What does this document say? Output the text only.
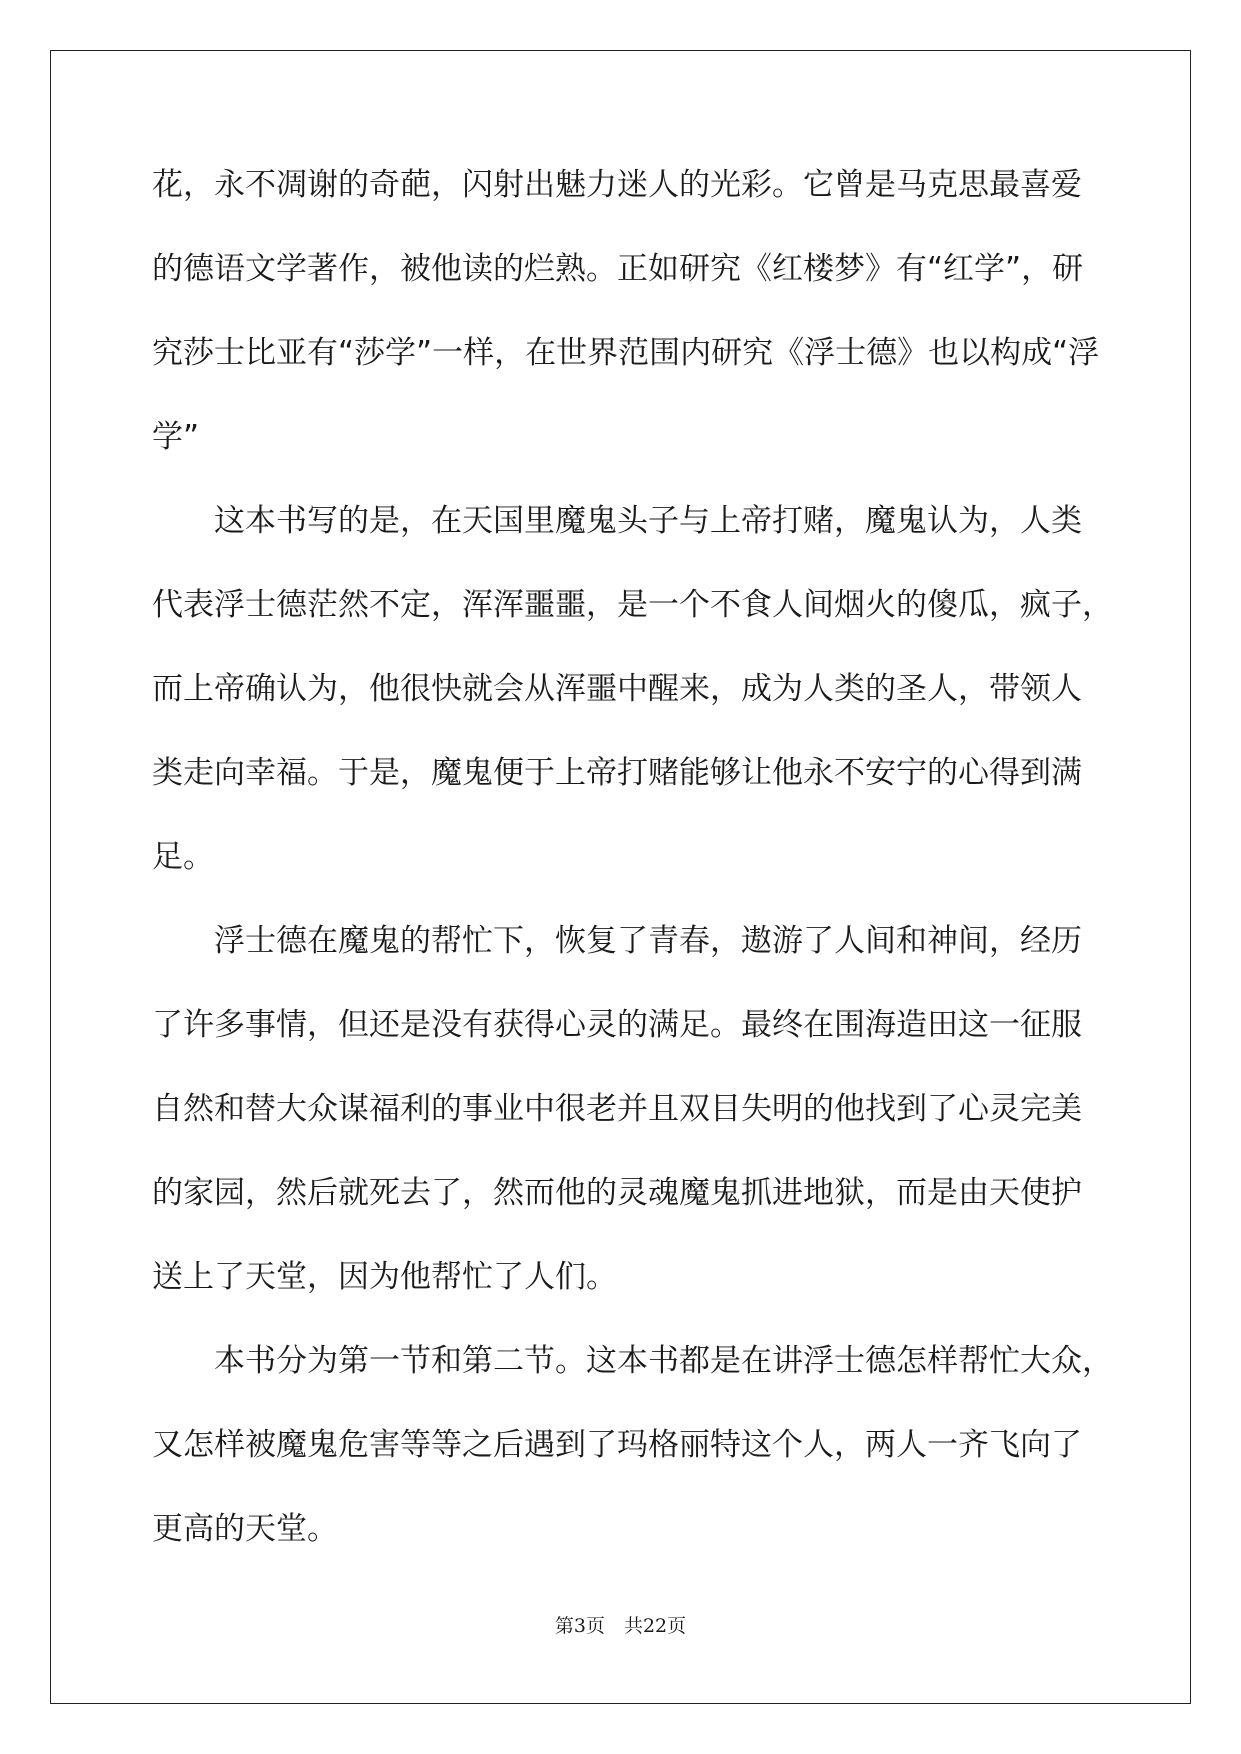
花，永不凋谢的奇葩，闪射出魅力迷人的光彩。它曾是马克思最喜爱
的德语文学著作，被他读的烂熟。正如研究《红楼梦》有“红学”，研
究莎士比亚有“莎学”一样，在世界范围内研究《浮士德》也以构成“浮
学”
　　这本书写的是，在天国里魔鬼头子与上帝打赌，魔鬼认为，人类
代表浮士德茫然不定，浑浑噩噩，是一个不食人间烟火的傻瓜，疯子，
而上帝确认为，他很快就会从浑噩中醒来，成为人类的圣人，带领人
类走向幸福。于是，魔鬼便于上帝打赌能够让他永不安宁的心得到满
足。
　　浮士德在魔鬼的帮忙下，恢复了青春，遨游了人间和神间，经历
了许多事情，但还是没有获得心灵的满足。最终在围海造田这一征服
自然和替大众谋福利的事业中很老并且双目失明的他找到了心灵完美
的家园，然后就死去了，然而他的灵魂魔鬼抓进地狱，而是由天使护
送上了天堂，因为他帮忙了人们。
　　本书分为第一节和第二节。这本书都是在讲浮士德怎样帮忙大众，
又怎样被魔鬼危害等等之后遇到了玛格丽特这个人，两人一齐飞向了
更高的天堂。
第3页　共22页
